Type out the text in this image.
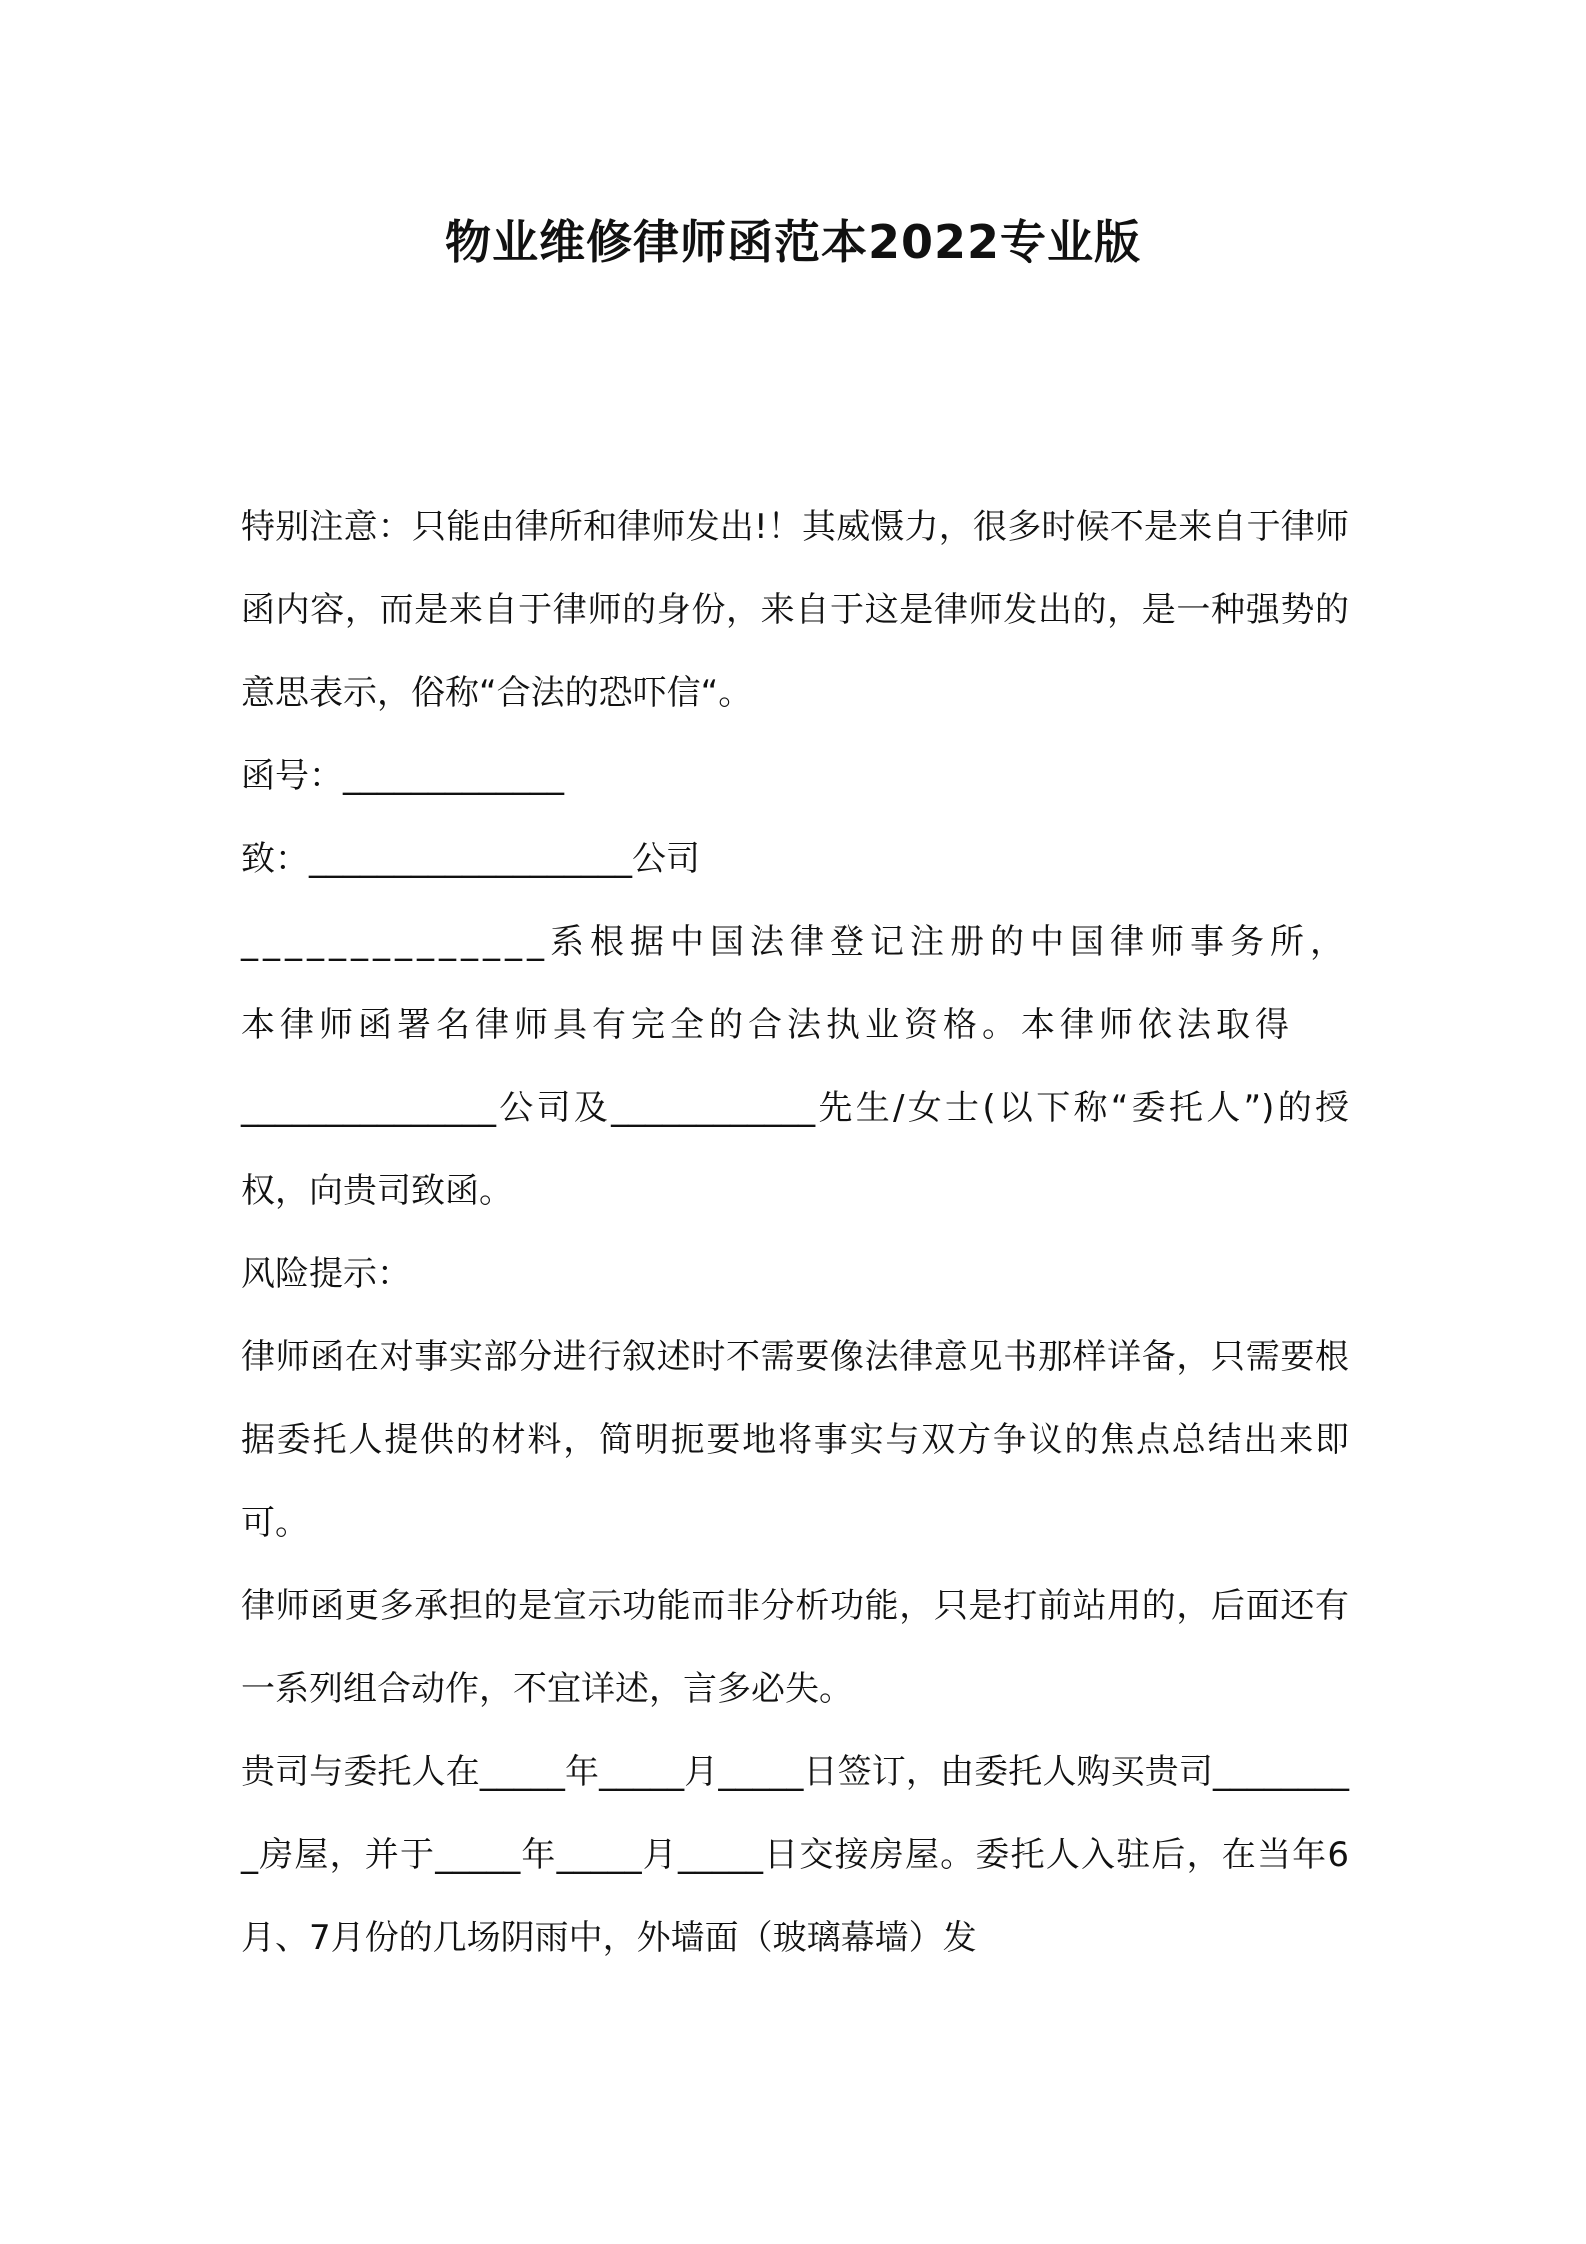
物业维修律师函范本2022专业版

特别注意：只能由律所和律师发出!！其威慑力，很多时候不是来自于律师函内容，而是来自于律师的身份，来自于这是律师发出的，是一种强势的意思表示，俗称“合法的恐吓信“。

函号：_____________

致：___________________公司

______________系根据中国法律登记注册的中国律师事务所，本律师函署名律师具有完全的合法执业资格。本律师依法取得

_______________公司及____________先生/女士(以下称“委托人”)的授权，向贵司致函。

风险提示：

律师函在对事实部分进行叙述时不需要像法律意见书那样详备，只需要根据委托人提供的材料，简明扼要地将事实与双方争议的焦点总结出来即可。

律师函更多承担的是宣示功能而非分析功能，只是打前站用的，后面还有一系列组合动作，不宜详述，言多必失。

贵司与委托人在_____年_____月_____日签订，由委托人购买贵司_________房屋，并于_____年_____月_____日交接房屋。委托人入驻后，在当年6月、7月份的几场阴雨中，外墙面（玻璃幕墙）发
